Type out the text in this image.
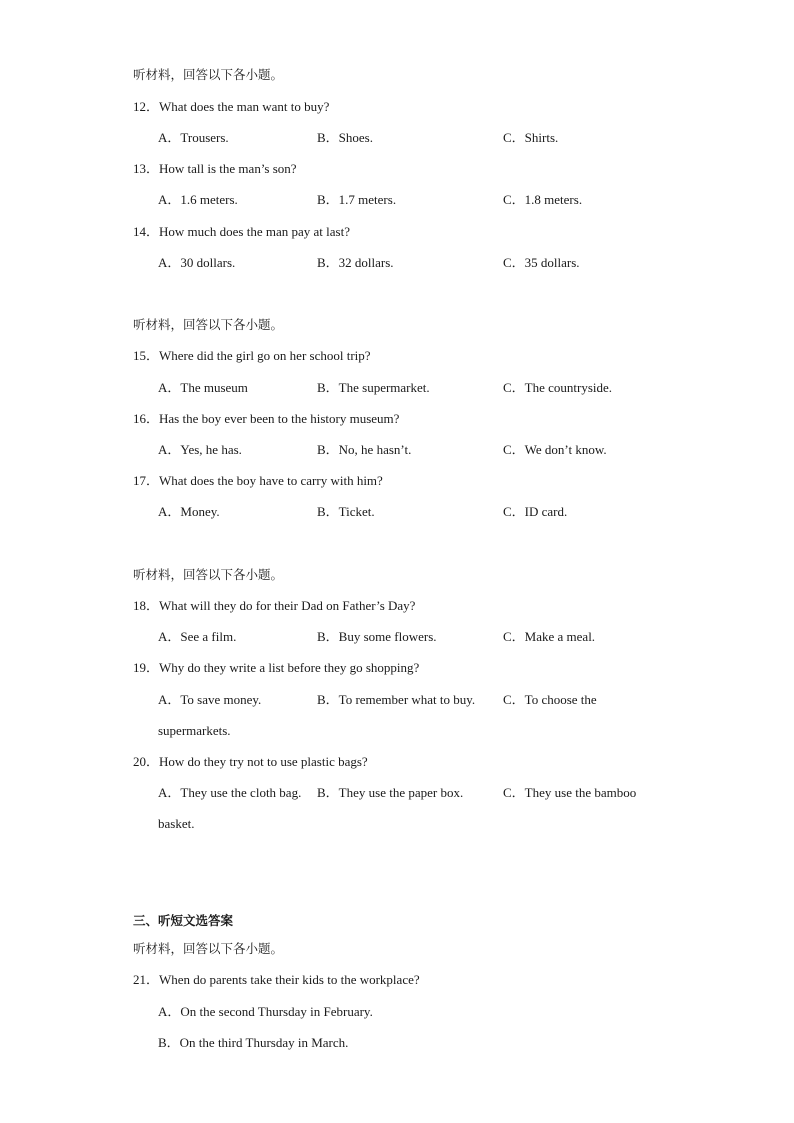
听材料，回答以下各小题。
12．What does the man want to buy?
A．Trousers.	B．Shoes.	C．Shirts.
13．How tall is the man’s son?
A．1.6 meters.	B．1.7 meters.	C．1.8 meters.
14．How much does the man pay at last?
A．30 dollars.	B．32 dollars.	C．35 dollars.
听材料，回答以下各小题。
15．Where did the girl go on her school trip?
A．The museum	B．The supermarket.	C．The countryside.
16．Has the boy ever been to the history museum?
A．Yes, he has.	B．No, he hasn’t.	C．We don’t know.
17．What does the boy have to carry with him?
A．Money.	B．Ticket.	C．ID card.
听材料，回答以下各小题。
18．What will they do for their Dad on Father’s Day?
A．See a film.	B．Buy some flowers.	C．Make a meal.
19．Why do they write a list before they go shopping?
A．To save money.	B．To remember what to buy. C．To choose the
supermarkets.
20．How do they try not to use plastic bags?
A．They use the cloth bag. B．They use the paper box.	C．They use the bamboo
basket.
三、听短文选答案
听材料，回答以下各小题。
21．When do parents take their kids to the workplace?
A．On the second Thursday in February.
B．On the third Thursday in March.
